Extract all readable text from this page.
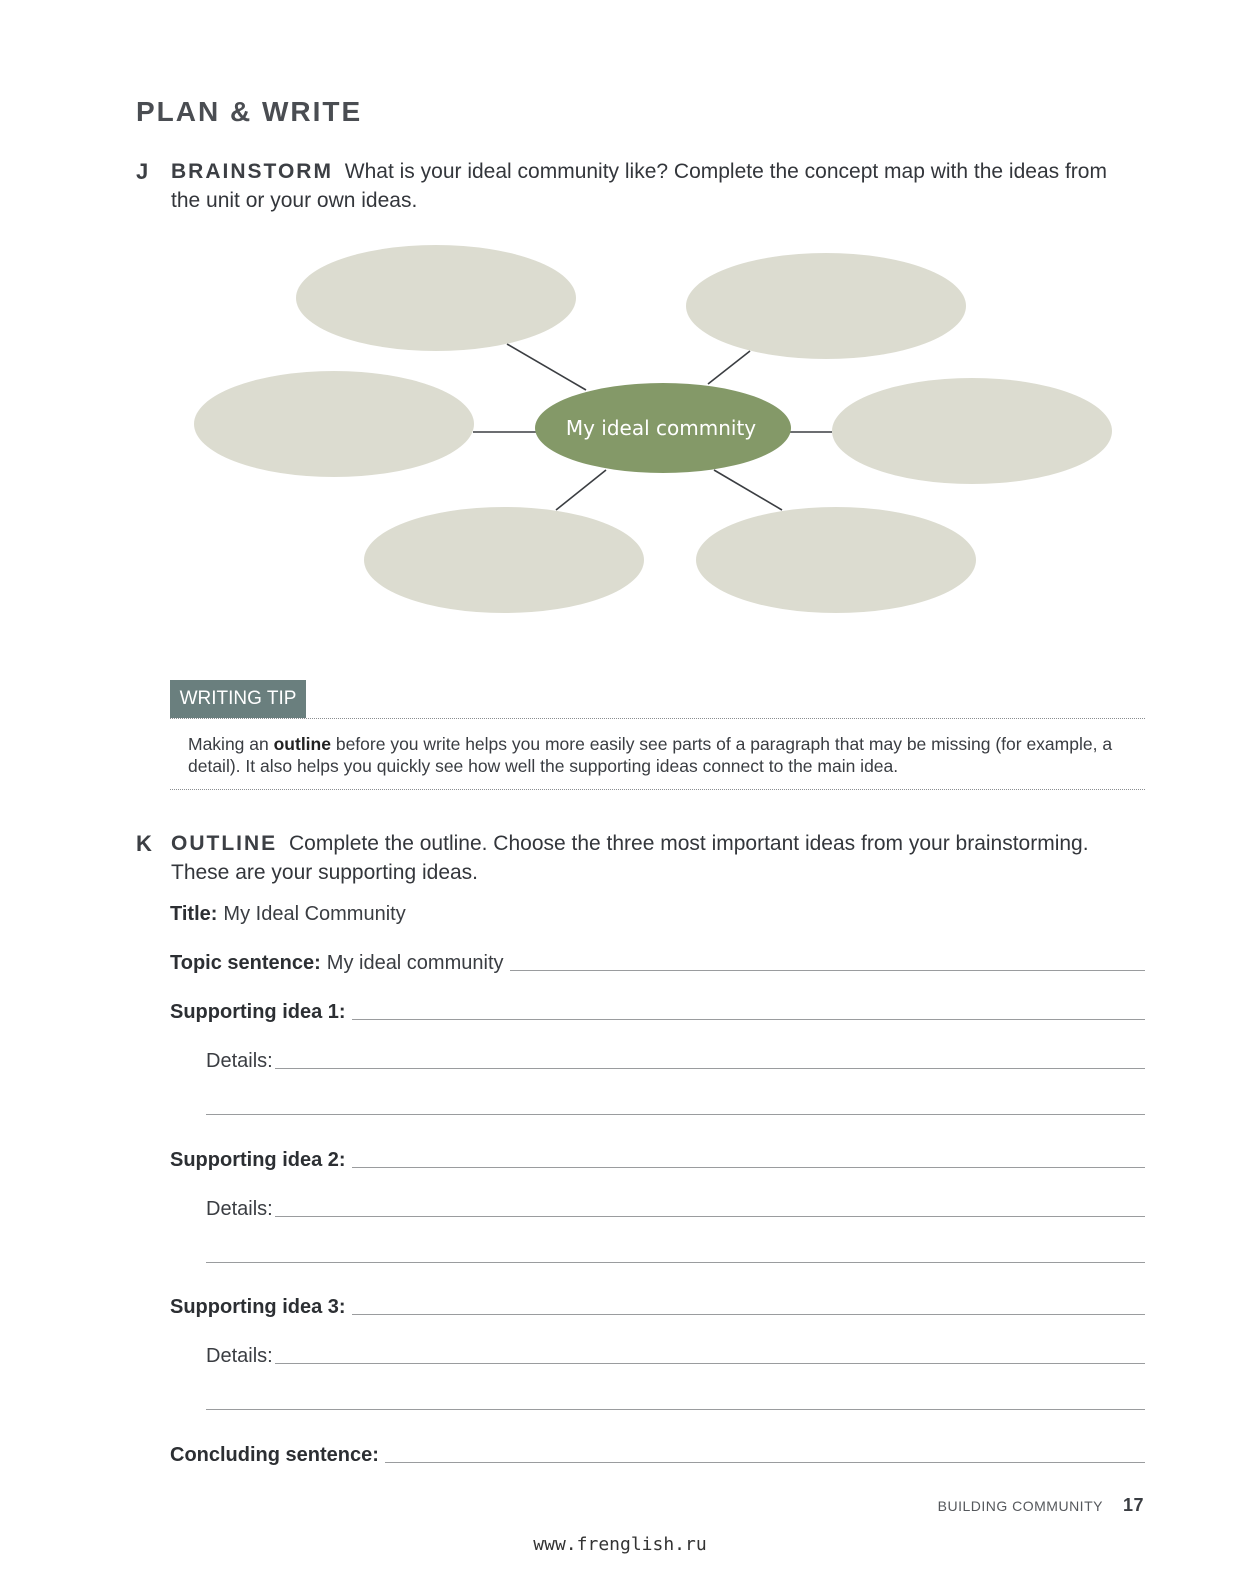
PLAN & WRITE
J BRAINSTORM What is your ideal community like? Complete the concept map with the ideas from the unit or your own ideas.
My ideal commnity
WRITING TIP
Making an outline before you write helps you more easily see parts of a paragraph that may be missing (for example, a detail). It also helps you quickly see how well the supporting ideas connect to the main idea.
K OUTLINE Complete the outline. Choose the three most important ideas from your brainstorming. These are your supporting ideas.
Title: My Ideal Community
Topic sentence: My ideal community
Supporting idea 1:
Details:
Supporting idea 2:
Details:
Supporting idea 3:
Details:
Concluding sentence:
BUILDING COMMUNITY 17
www.frenglish.ru
